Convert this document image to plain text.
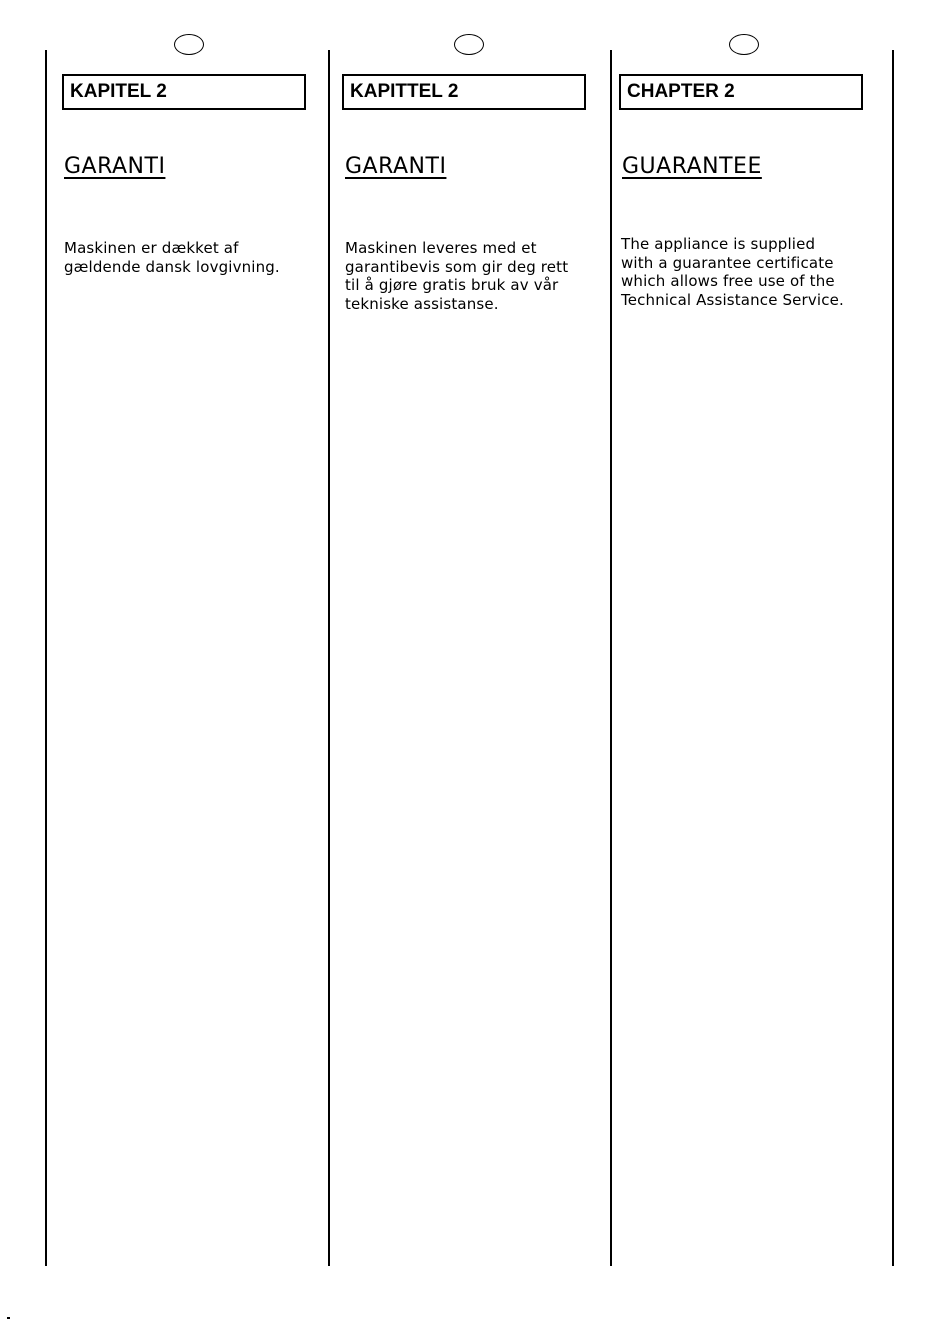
KAPITEL 2
GARANTI
Maskinen er dækket af
gældende dansk lovgivning.
KAPITTEL 2
GARANTI
Maskinen leveres med et
garantibevis som gir deg rett
til å gjøre gratis bruk av vår
tekniske assistanse.
CHAPTER 2
GUARANTEE
The appliance is supplied
with a guarantee certificate
which allows free use of the
Technical Assistance Service.
